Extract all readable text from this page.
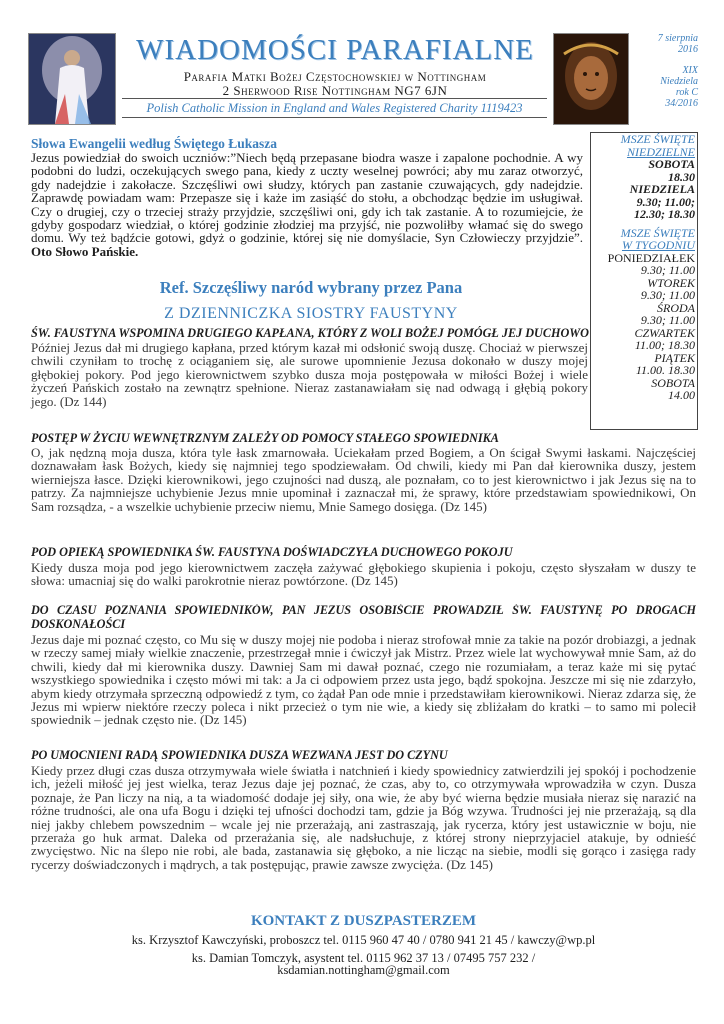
WIADOMOŚCI PARAFIALNE
Parafia Matki Bożej Częstochowskiej w Nottingham
2 Sherwood Rise Nottingham NG7 6JN
Polish Catholic Mission in England and Wales Registered Charity 1119423
7 sierpnia
2016
XIX
Niedziela
rok C
34/2016
MSZE ŚWIĘTE
NIEDZIELNE
SOBOTA
18.30
NIEDZIELA
9.30; 11.00;
12.30; 18.30
MSZE ŚWIĘTE
W TYGODNIU
PONIEDZIAŁEK
9.30; 11.00
WTOREK
9.30; 11.00
ŚRODA
9.30; 11.00
CZWARTEK
11.00; 18.30
PIĄTEK
11.00. 18.30
SOBOTA
14.00
Słowa Ewangelii według Świętego Łukasza
Jezus powiedział do swoich uczniów:”Niech będą przepasane biodra wasze i zapalone pochodnie. A wy podobni do ludzi, oczekujących swego pana, kiedy z uczty weselnej powróci; aby mu zaraz otworzyć, gdy nadejdzie i zakołacze. Szczęśliwi owi słudzy, których pan zastanie czuwających, gdy nadejdzie. Zaprawdę powiadam wam: Przepasze się i każe im zasiąść do stołu, a obchodząc będzie im usługiwał. Czy o drugiej, czy o trzeciej straży przyjdzie, szczęśliwi oni, gdy ich tak zastanie. A to rozumiejcie, że gdyby gospodarz wiedział, o której godzinie złodziej ma przyjść, nie pozwoliłby włamać się do swego domu. Wy też bądźcie gotowi, gdyż o godzinie, której się nie domyślacie, Syn Człowieczy przyjdzie”. Oto Słowo Pańskie.
Ref. Szczęśliwy naród wybrany przez Pana
Z DZIENNICZKA SIOSTRY FAUSTYNY
ŚW. FAUSTYNA WSPOMINA DRUGIEGO KAPŁANA, KTÓRY Z WOLI BOŻEJ POMÓGŁ JEJ DUCHOWO
Później Jezus dał mi drugiego kapłana, przed którym kazał mi odsłonić swoją duszę. Chociaż w pierwszej chwili czyniłam to trochę z ociąganiem się, ale surowe upomnienie Jezusa dokonało w duszy mojej głębokiej pokory. Pod jego kierownictwem szybko dusza moja postępowała w miłości Bożej i wiele życzeń Pańskich zostało na zewnątrz spełnione. Nieraz zastanawiałam się nad odwagą i głębią pokory jego. (Dz 144)
POSTĘP W ŻYCIU WEWNĘTRZNYM ZALEŻY OD POMOCY STAŁEGO SPOWIEDNIKA
O, jak nędzną moja dusza, która tyle łask zmarnowała. Uciekałam przed Bogiem, a On ścigał Swymi łaskami. Najczęściej doznawałam łask Bożych, kiedy się najmniej tego spodziewałam. Od chwili, kiedy mi Pan dał kierownika duszy, jestem wierniejsza łasce. Dzięki kierownikowi, jego czujności nad duszą, ale poznałam, co to jest kierownictwo i jak Jezus się na to patrzy. Za najmniejsze uchybienie Jezus mnie upominał i zaznaczał mi, że sprawy, które przedstawiam spowiednikowi, On Sam rozsądza, - a wszelkie uchybienie przeciw niemu, Mnie Samego dosięga. (Dz 145)
POD OPIEKĄ SPOWIEDNIKA ŚW. FAUSTYNA DOŚWIADCZYŁA DUCHOWEGO POKOJU
Kiedy dusza moja pod jego kierownictwem zaczęła zażywać głębokiego skupienia i pokoju, często słyszałam w duszy te słowa: umacniaj się do walki parokrotnie nieraz powtórzone. (Dz 145)
DO CZASU POZNANIA SPOWIEDNIKÓW, PAN JEZUS OSOBIŚCIE PROWADZIŁ ŚW. FAUSTYNĘ PO DROGACH DOSKONAŁOŚCI
Jezus daje mi poznać często, co Mu się w duszy mojej nie podoba i nieraz strofował mnie za takie na pozór drobiazgi, a jednak w rzeczy samej miały wielkie znaczenie, przestrzegał mnie i ćwiczył jak Mistrz. Przez wiele lat wychowywał mnie Sam, aż do chwili, kiedy dał mi kierownika duszy. Dawniej Sam mi dawał poznać, czego nie rozumiałam, a teraz każe mi się pytać wszystkiego spowiednika i często mówi mi tak: a Ja ci odpowiem przez usta jego, bądź spokojna. Jeszcze mi się nie zdarzyło, abym kiedy otrzymała sprzeczną odpowiedź z tym, co żądał Pan ode mnie i przedstawiłam kierownikowi. Nieraz zdarza się, że Jezus mi wpierw niektóre rzeczy poleca i nikt przecież o tym nie wie, a kiedy się zbliżałam do kratki – to samo mi polecił spowiednik – jednak często nie. (Dz 145)
PO UMOCNIENI RADĄ SPOWIEDNIKA DUSZA WEZWANA JEST DO CZYNU
Kiedy przez długi czas dusza otrzymywała wiele światła i natchnień i kiedy spowiednicy zatwierdzili jej spokój i pochodzenie ich, jeżeli miłość jej jest wielka, teraz Jezus daje jej poznać, że czas, aby to, co otrzymywała wprowadziła w czyn. Dusza poznaje, że Pan liczy na nią, a ta wiadomość dodaje jej siły, ona wie, że aby być wierna będzie musiała nieraz się narazić na różne trudności, ale ona ufa Bogu i dzięki tej ufności dochodzi tam, gdzie ja Bóg wzywa. Trudności jej nie przerażają, są dla niej jakby chlebem powszednim – wcale jej nie przerażają, ani zastraszają, jak rycerza, który jest ustawicznie w boju, nie przeraża go huk armat. Daleka od przerażania się, ale nadsłuchuje, z której strony nieprzyjaciel atakuje, by odnieść zwycięstwo. Nic na ślepo nie robi, ale bada, zastanawia się głęboko, a nie licząc na siebie, modli się gorąco i zasięga rady rycerzy doświadczonych i mądrych, a tak postępując, prawie zawsze zwycięża. (Dz 145)
KONTAKT Z DUSZPASTERZEM
ks. Krzysztof Kawczyński, proboszcz tel. 0115 960 47 40 / 0780 941 21 45 / kawczy@wp.pl
ks. Damian Tomczyk, asystent tel. 0115 962 37 13 / 07495 757 232 /
ksdamian.nottingham@gmail.com
